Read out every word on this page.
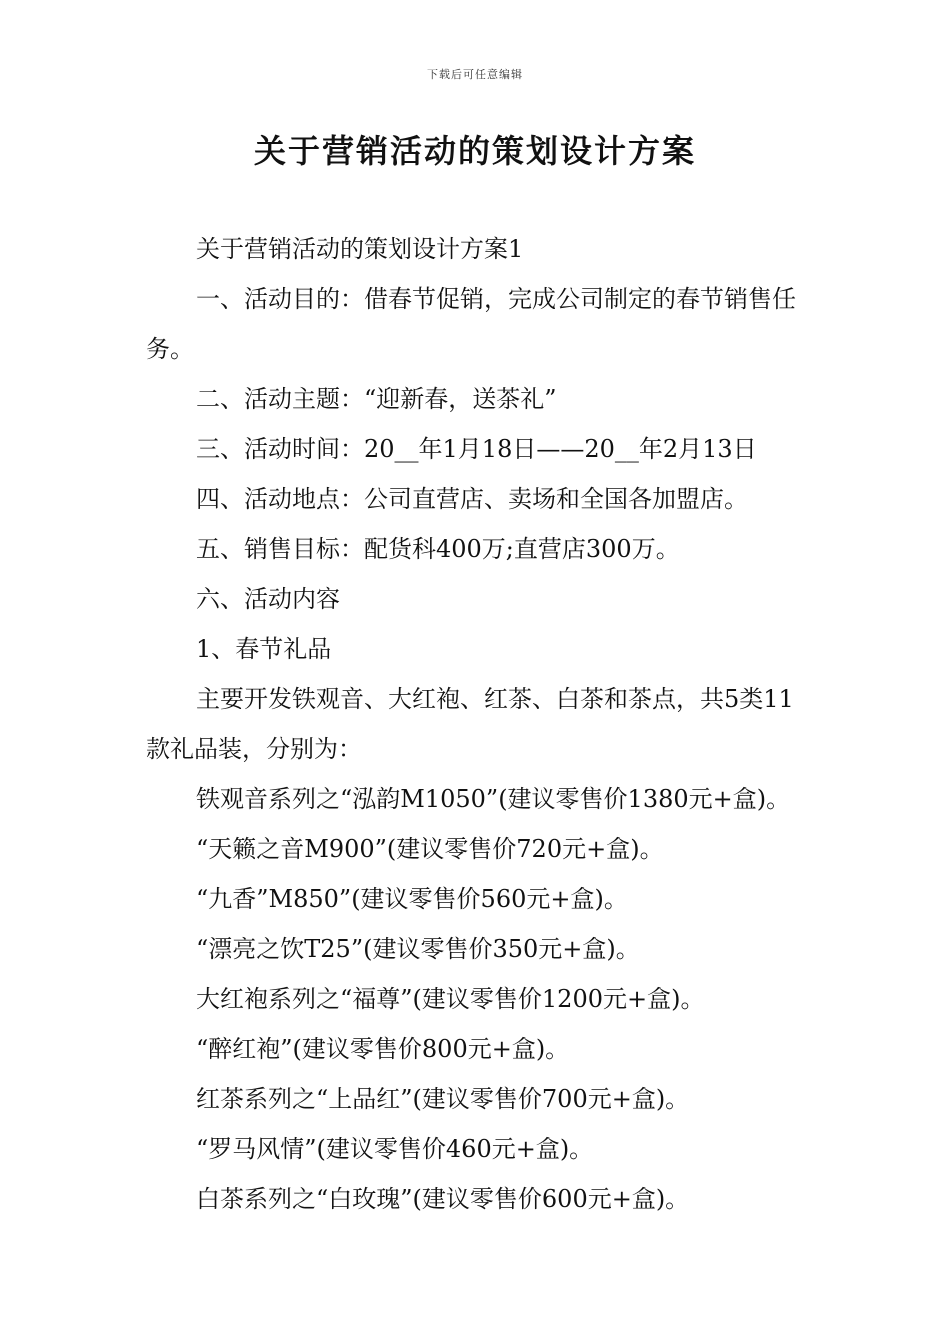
下载后可任意编辑
关于营销活动的策划设计方案

关于营销活动的策划设计方案1

一、活动目的：借春节促销，完成公司制定的春节销售任务。

二、活动主题：“迎新春，送茶礼”

三、活动时间：20__年1月18日——20__年2月13日

四、活动地点：公司直营店、卖场和全国各加盟店。

五、销售目标：配货科400万;直营店300万。

六、活动内容

1、春节礼品

主要开发铁观音、大红袍、红茶、白茶和茶点，共5类11款礼品装，分别为：

铁观音系列之“泓韵M1050”(建议零售价1380元+盒)。

“天籁之音M900”(建议零售价720元+盒)。

“九香”M850”(建议零售价560元+盒)。

“漂亮之饮T25”(建议零售价350元+盒)。

大红袍系列之“福尊”(建议零售价1200元+盒)。

“醉红袍”(建议零售价800元+盒)。

红茶系列之“上品红”(建议零售价700元+盒)。

“罗马风情”(建议零售价460元+盒)。

白茶系列之“白玫瑰”(建议零售价600元+盒)。
